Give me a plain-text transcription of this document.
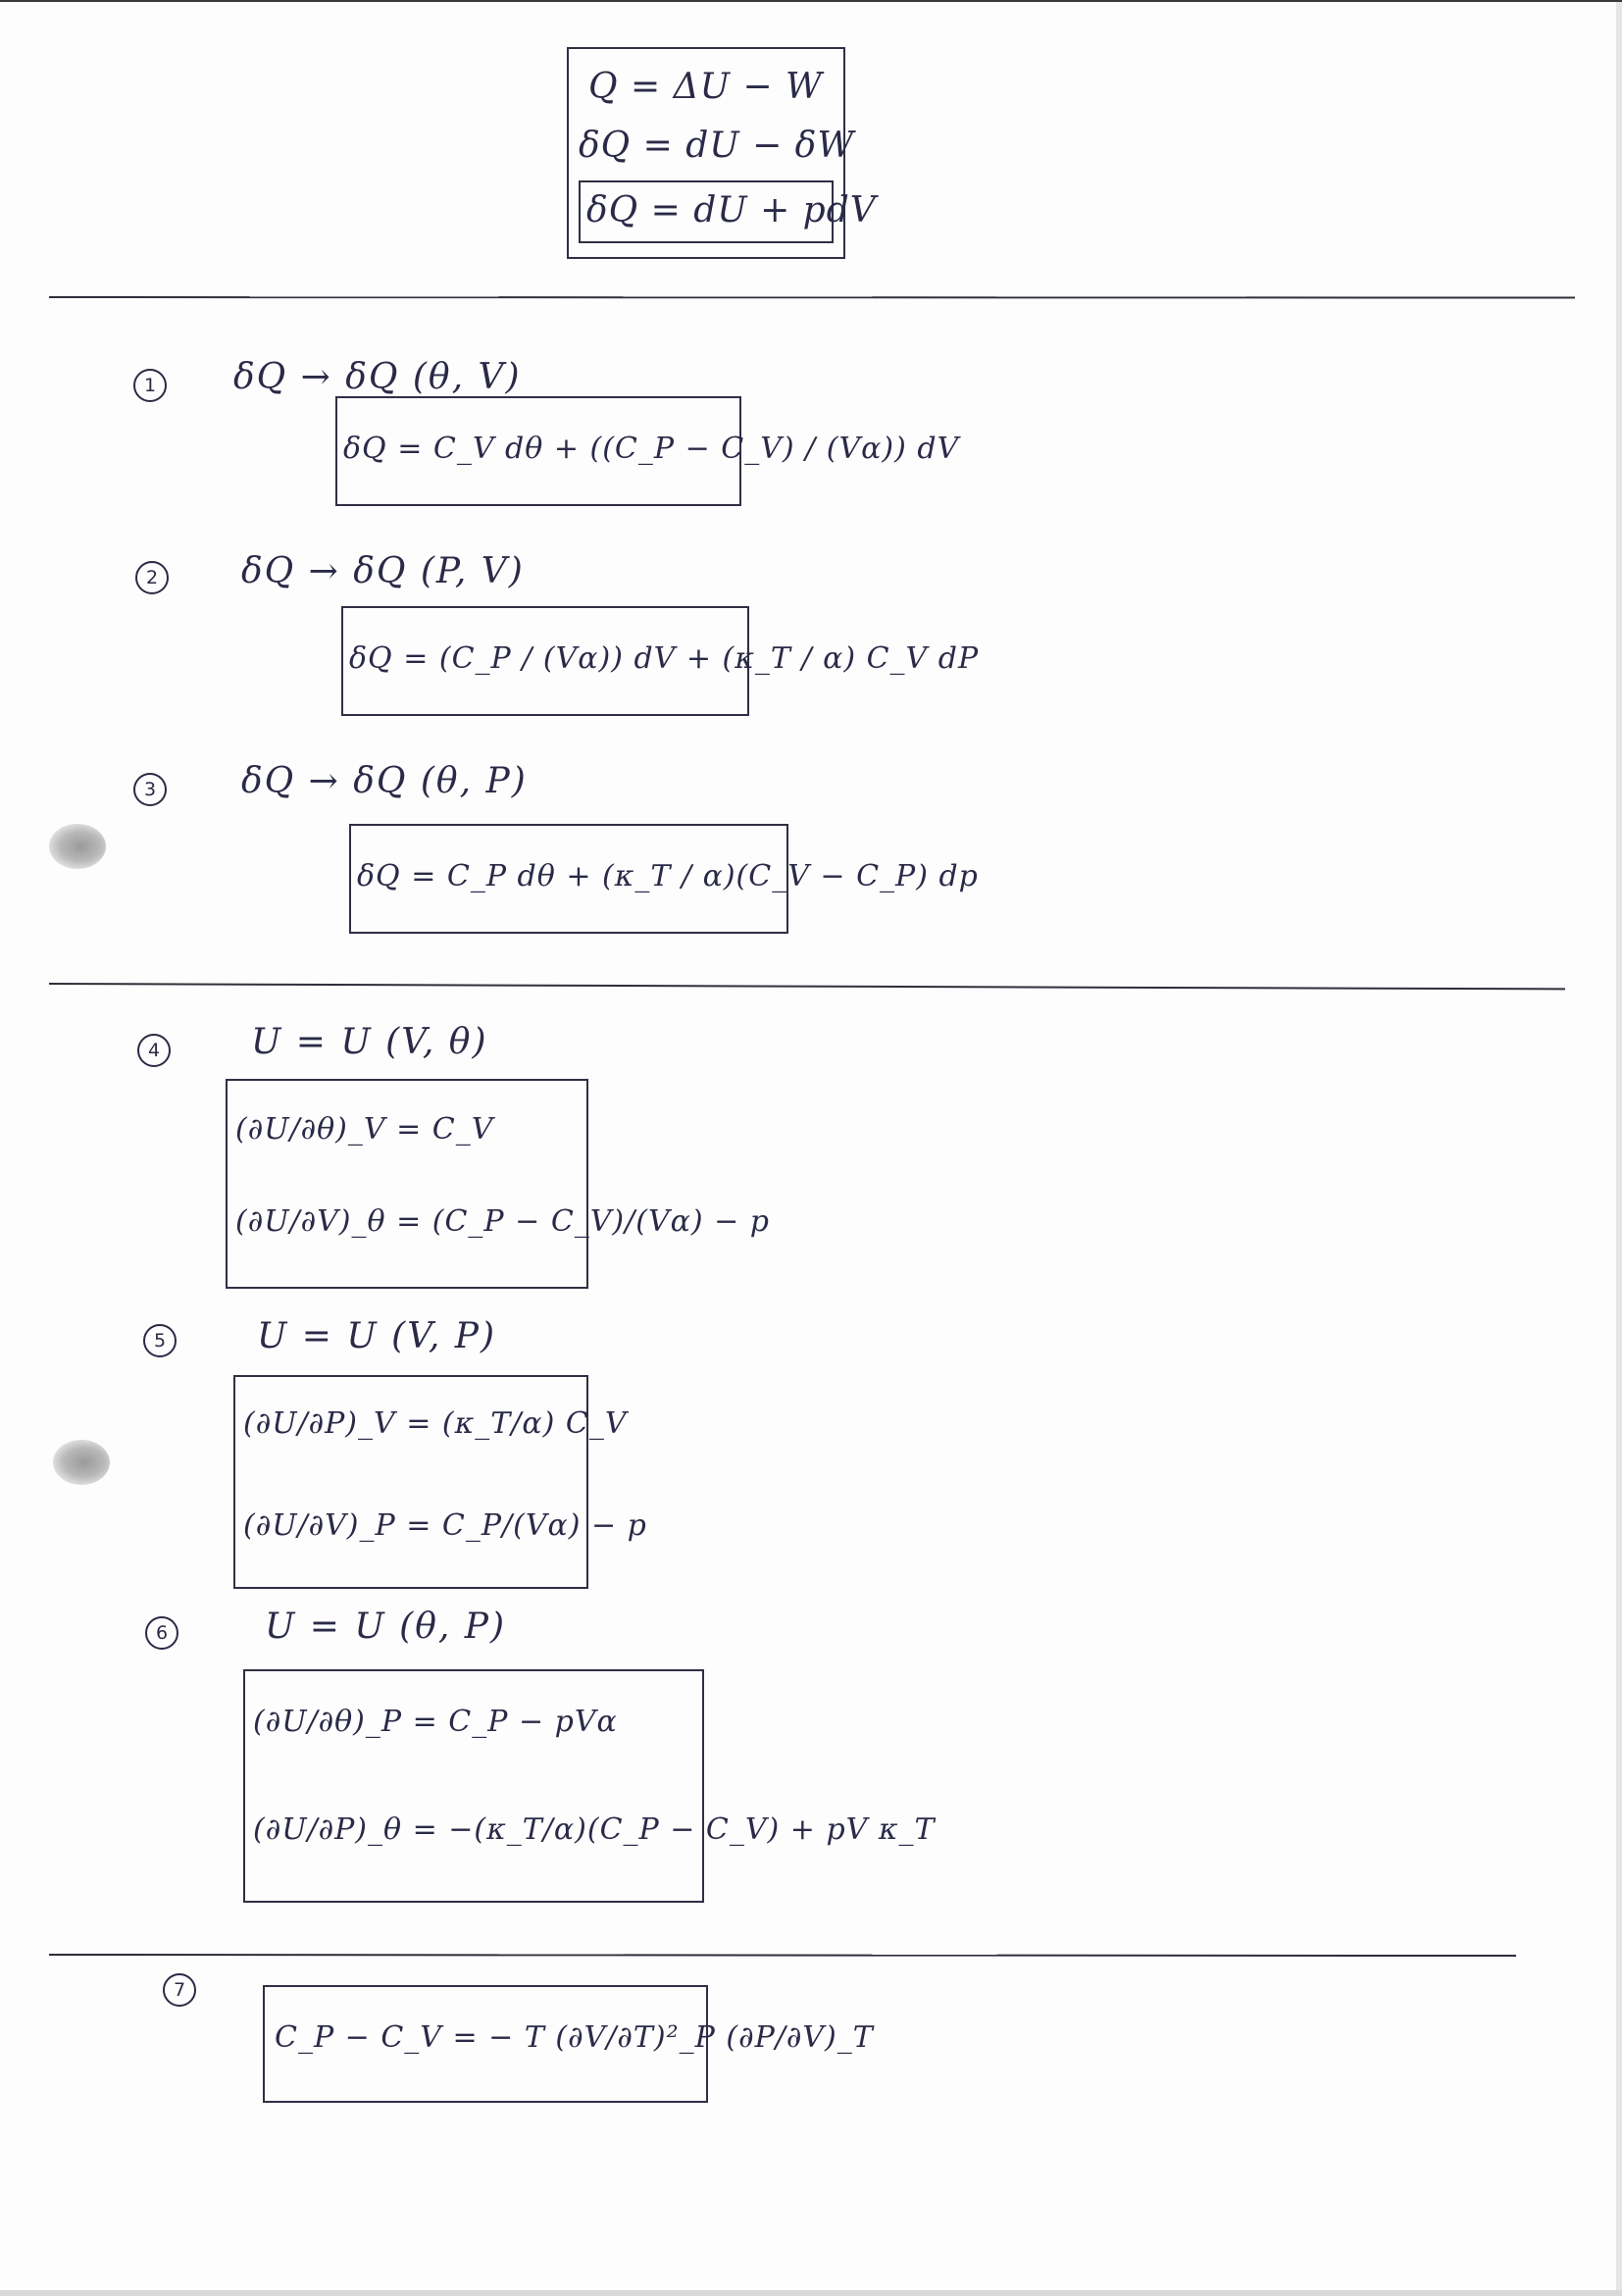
Q = ΔU − W
δQ = dU − δW
δQ = dU + pdV
1	δQ → δQ (θ, V)
δQ = C_V dθ + ((C_P − C_V) / (Vα)) dV
2	δQ → δQ (P, V)
δQ = (C_P / (Vα)) dV + (κ_T / α) C_V dP
3	δQ → δQ (θ, P)
δQ = C_P dθ + (κ_T / α)(C_V − C_P) dp
4	U = U (V, θ)
(∂U/∂θ)_V = C_V
(∂U/∂V)_θ = (C_P − C_V)/(Vα) − p
5	U = U (V, P)
(∂U/∂P)_V = (κ_T/α) C_V
(∂U/∂V)_P = C_P/(Vα) − p
6	U = U (θ, P)
(∂U/∂θ)_P = C_P − pVα
(∂U/∂P)_θ = −(κ_T/α)(C_P − C_V) + pV κ_T
7
C_P − C_V = − T (∂V/∂T)²_P (∂P/∂V)_T
